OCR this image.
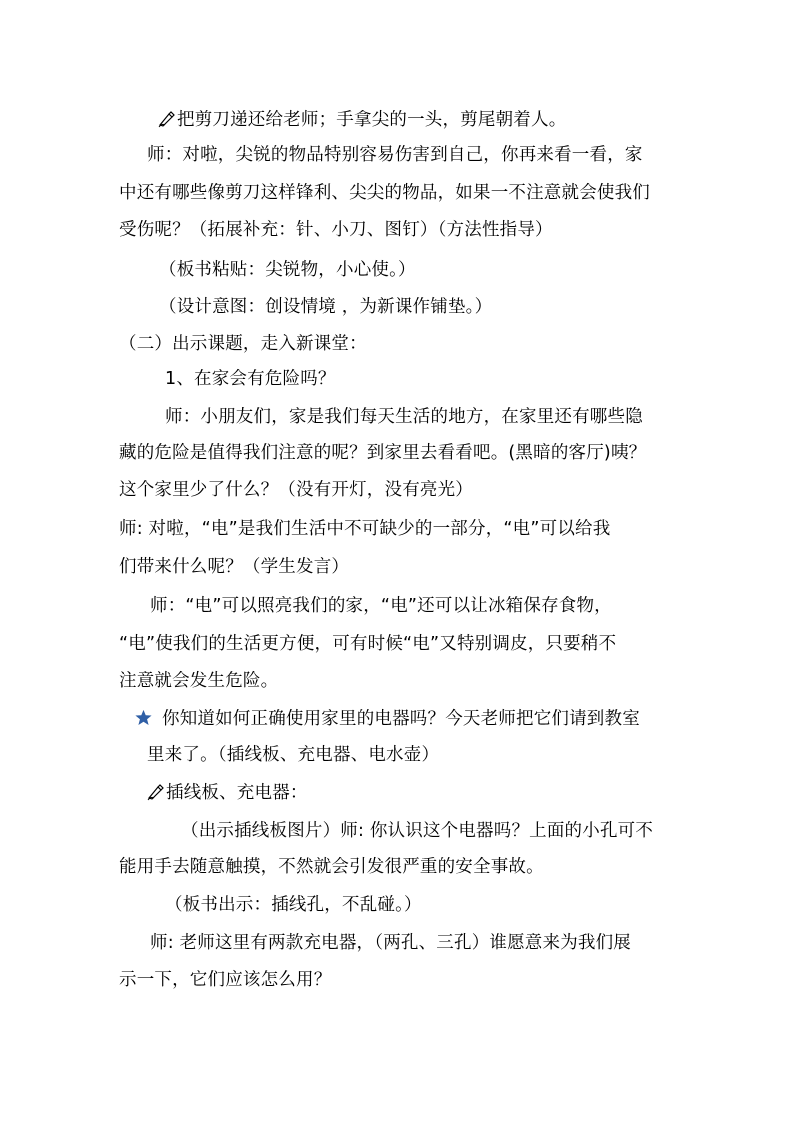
把剪刀递还给老师；手拿尖的一头，剪尾朝着人。
师：对啦，尖锐的物品特别容易伤害到自己，你再来看一看，家
中还有哪些像剪刀这样锋利、尖尖的物品，如果一不注意就会使我们
受伤呢？（拓展补充：针、小刀、图钉）（方法性指导）
（板书粘贴：尖锐物，小心使。）
（设计意图：创设情境 ，为新课作铺垫。）
（二）出示课题，走入新课堂：
1、在家会有危险吗？
师：小朋友们，家是我们每天生活的地方，在家里还有哪些隐
藏的危险是值得我们注意的呢？到家里去看看吧。(黑暗的客厅)咦？
这个家里少了什么？（没有开灯，没有亮光）
师: 对啦，“电”是我们生活中不可缺少的一部分，“电”可以给我
们带来什么呢？（学生发言）
师：“电”可以照亮我们的家，“电”还可以让冰箱保存食物，
“电”使我们的生活更方便，可有时候“电”又特别调皮，只要稍不
注意就会发生危险。
你知道如何正确使用家里的电器吗？今天老师把它们请到教室
里来了。（插线板、充电器、电水壶）
插线板、充电器：
（出示插线板图片）师: 你认识这个电器吗？上面的小孔可不
能用手去随意触摸，不然就会引发很严重的安全事故。
（板书出示：插线孔，不乱碰。）
师: 老师这里有两款充电器，（两孔、三孔）谁愿意来为我们展
示一下，它们应该怎么用？
